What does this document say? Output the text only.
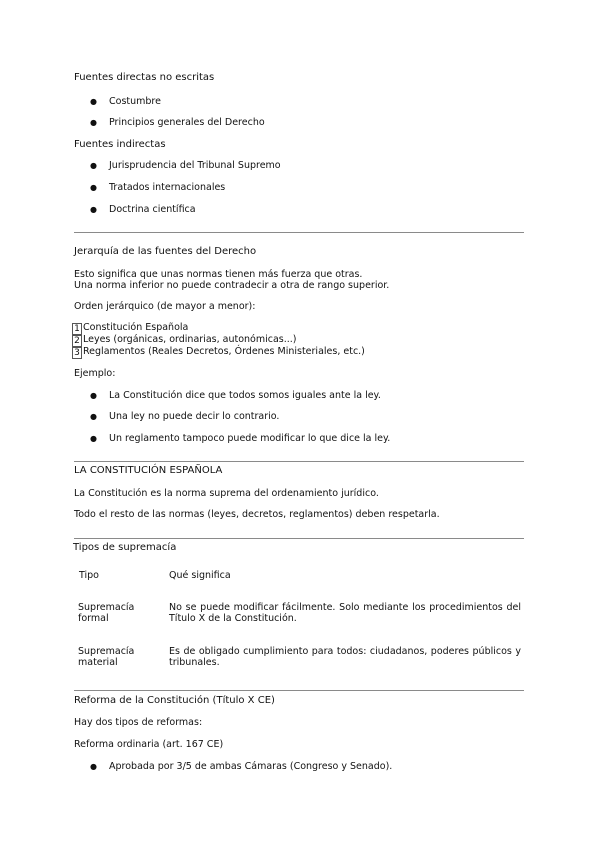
Fuentes directas no escritas
● Costumbre
● Principios generales del Derecho
Fuentes indirectas
● Jurisprudencia del Tribunal Supremo
● Tratados internacionales
● Doctrina científica
Jerarquía de las fuentes del Derecho
Esto significa que unas normas tienen más fuerza que otras.
Una norma inferior no puede contradecir a otra de rango superior.
Orden jerárquico (de mayor a menor):
1 Constitución Española
2 Leyes (orgánicas, ordinarias, autonómicas...)
3 Reglamentos (Reales Decretos, Órdenes Ministeriales, etc.)
Ejemplo:
● La Constitución dice que todos somos iguales ante la ley.
● Una ley no puede decir lo contrario.
● Un reglamento tampoco puede modificar lo que dice la ley.
LA CONSTITUCIÓN ESPAÑOLA
La Constitución es la norma suprema del ordenamiento jurídico.
Todo el resto de las normas (leyes, decretos, reglamentos) deben respetarla.
Tipos de supremacía
Tipo	Qué significa
Supremacía formal
No se puede modificar fácilmente. Solo mediante los procedimientos del Título X de la Constitución.
Supremacía material
Es de obligado cumplimiento para todos: ciudadanos, poderes públicos y tribunales.
Reforma de la Constitución (Título X CE)
Hay dos tipos de reformas:
Reforma ordinaria (art. 167 CE)
● Aprobada por 3/5 de ambas Cámaras (Congreso y Senado).
